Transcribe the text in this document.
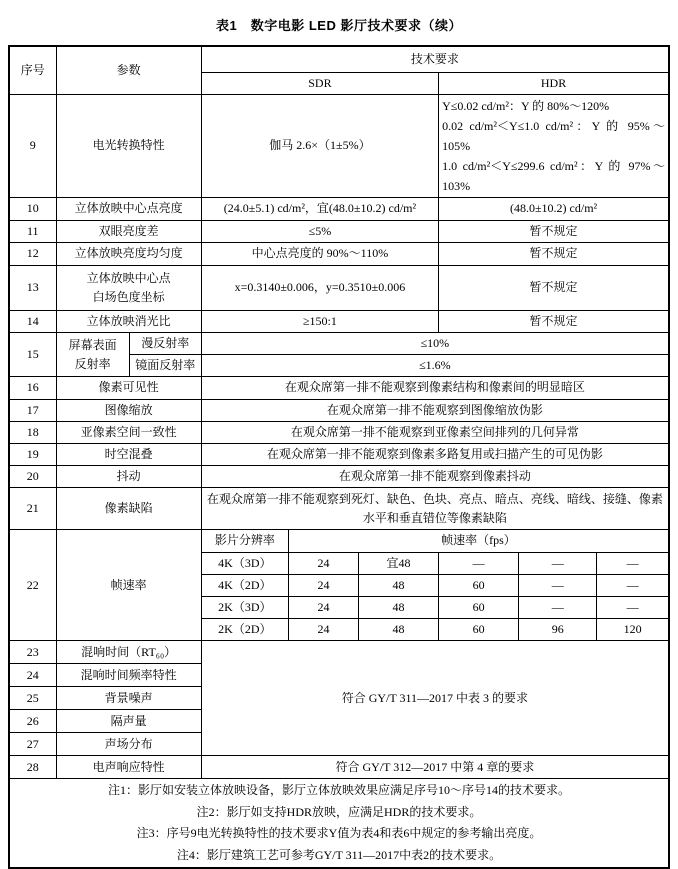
表1　数字电影 LED 影厅技术要求（续）
序号	参数		技术要求					
			SDR			HDR		
9	电光转换特性		伽马 2.6×（1±5%）			Y≤0.02 cd/m²：Y 的 80%～120%
0.02 cd/m²＜Y≤1.0 cd/m²：Y 的 95%～105%
1.0 cd/m²＜Y≤299.6 cd/m²：Y 的 97%～103%		

10	立体放映中心点亮度		(24.0±5.1) cd/m²，宜(48.0±10.2) cd/m²			(48.0±10.2) cd/m²		
11	双眼亮度差		≤5%			暂不规定		
12	立体放映亮度均匀度		中心点亮度的 90%～110%			暂不规定		
13	立体放映中心点
白场色度坐标		x=0.3140±0.006，y=0.3510±0.006			暂不规定		
14	立体放映消光比		≥150:1			暂不规定		
15	屏幕表面
反射率	漫反射率	≤10%					
		镜面反射率	≤1.6%					
16	像素可见性		在观众席第一排不能观察到像素结构和像素间的明显暗区					
17	图像缩放		在观众席第一排不能观察到图像缩放伪影					
18	亚像素空间一致性		在观众席第一排不能观察到亚像素空间排列的几何异常					
19	时空混叠		在观众席第一排不能观察到像素多路复用或扫描产生的可见伪影					
20	抖动		在观众席第一排不能观察到像素抖动					
21	像素缺陷		在观众席第一排不能观察到死灯、缺色、色块、亮点、暗点、亮线、暗线、接缝、像素水平和垂直错位等像素缺陷					
22	帧速率		影片分辨率	帧速率（fps）				
			4K（3D）	24	宜48	—	—	—
			4K（2D）	24	48	60	—	—
			2K（3D）	24	48	60	—	—
			2K（2D）	24	48	60	96	120
23	混响时间（RT₆₀）		符合 GY/T 311—2017 中表 3 的要求					
24	混响时间频率特性							
25	背景噪声							
26	隔声量							
27	声场分布							
28	电声响应特性		符合 GY/T 312—2017 中第 4 章的要求					

注1：影厅如安装立体放映设备，影厅立体放映效果应满足序号10～序号14的技术要求。
注2：影厅如支持HDR放映，应满足HDR的技术要求。
注3：序号9电光转换特性的技术要求Y值为表4和表6中规定的参考输出亮度。
注4：影厅建筑工艺可参考GY/T 311—2017中表2的技术要求。								
